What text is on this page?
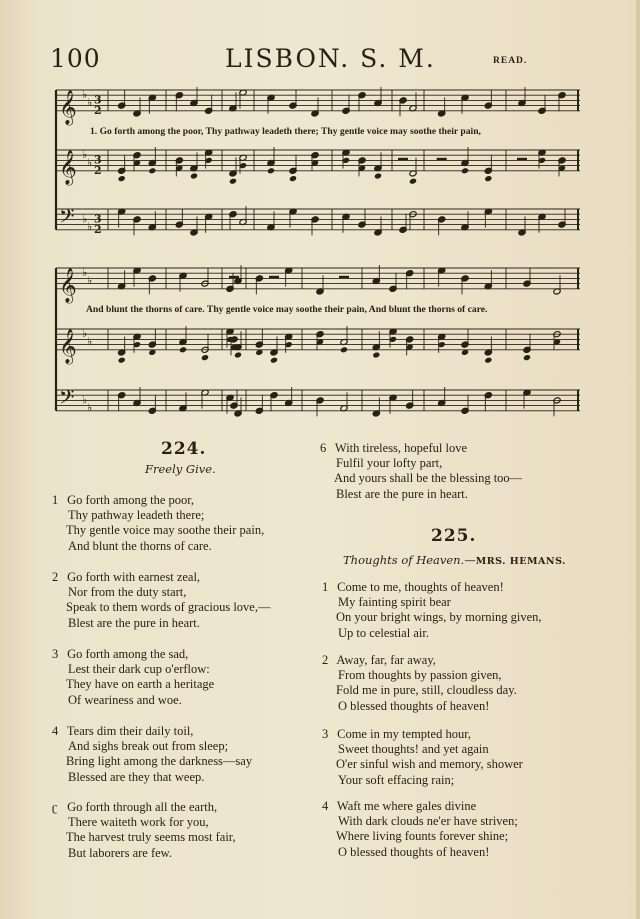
100	LISBON. S. M.	READ.
𝄞 ♭
♭ 3
2
𝄞 ♭
♭ 3
2
𝄢 ♭
♭
3
2
𝄞 ♭
♭
𝄞 ♭
♭
𝄢 ♭
♭
1. Go forth among the poor, Thy pathway leadeth there; Thy gentle voice may soothe their pain,
And blunt the thorns of care. Thy gentle voice may soothe their pain, And blunt the thorns of care.
224.
Freely Give.
225.
Thoughts of Heaven.—MRS. HEMANS.
1 Go forth among the poor,
Thy pathway leadeth there;
Thy gentle voice may soothe their pain,
And blunt the thorns of care.
2 Go forth with earnest zeal,
Nor from the duty start,
Speak to them words of gracious love,—
Blest are the pure in heart.
3 Go forth among the sad,
Lest their dark cup o'erflow:
They have on earth a heritage
Of weariness and woe.
4 Tears dim their daily toil,
And sighs break out from sleep;
Bring light among the darkness—say
Blessed are they that weep.
ʗ Go forth through all the earth,
There waiteth work for you,
The harvest truly seems most fair,
But laborers are few.
6 With tireless, hopeful love
Fulfil your lofty part,
And yours shall be the blessing too—
Blest are the pure in heart.
1 Come to me, thoughts of heaven!
My fainting spirit bear
On your bright wings, by morning given,
Up to celestial air.
2 Away, far, far away,
From thoughts by passion given,
Fold me in pure, still, cloudless day.
O blessed thoughts of heaven!
3 Come in my tempted hour,
Sweet thoughts! and yet again
O'er sinful wish and memory, shower
Your soft effacing rain;
4 Waft me where gales divine
With dark clouds ne'er have striven;
Where living founts forever shine;
O blessed thoughts of heaven!
